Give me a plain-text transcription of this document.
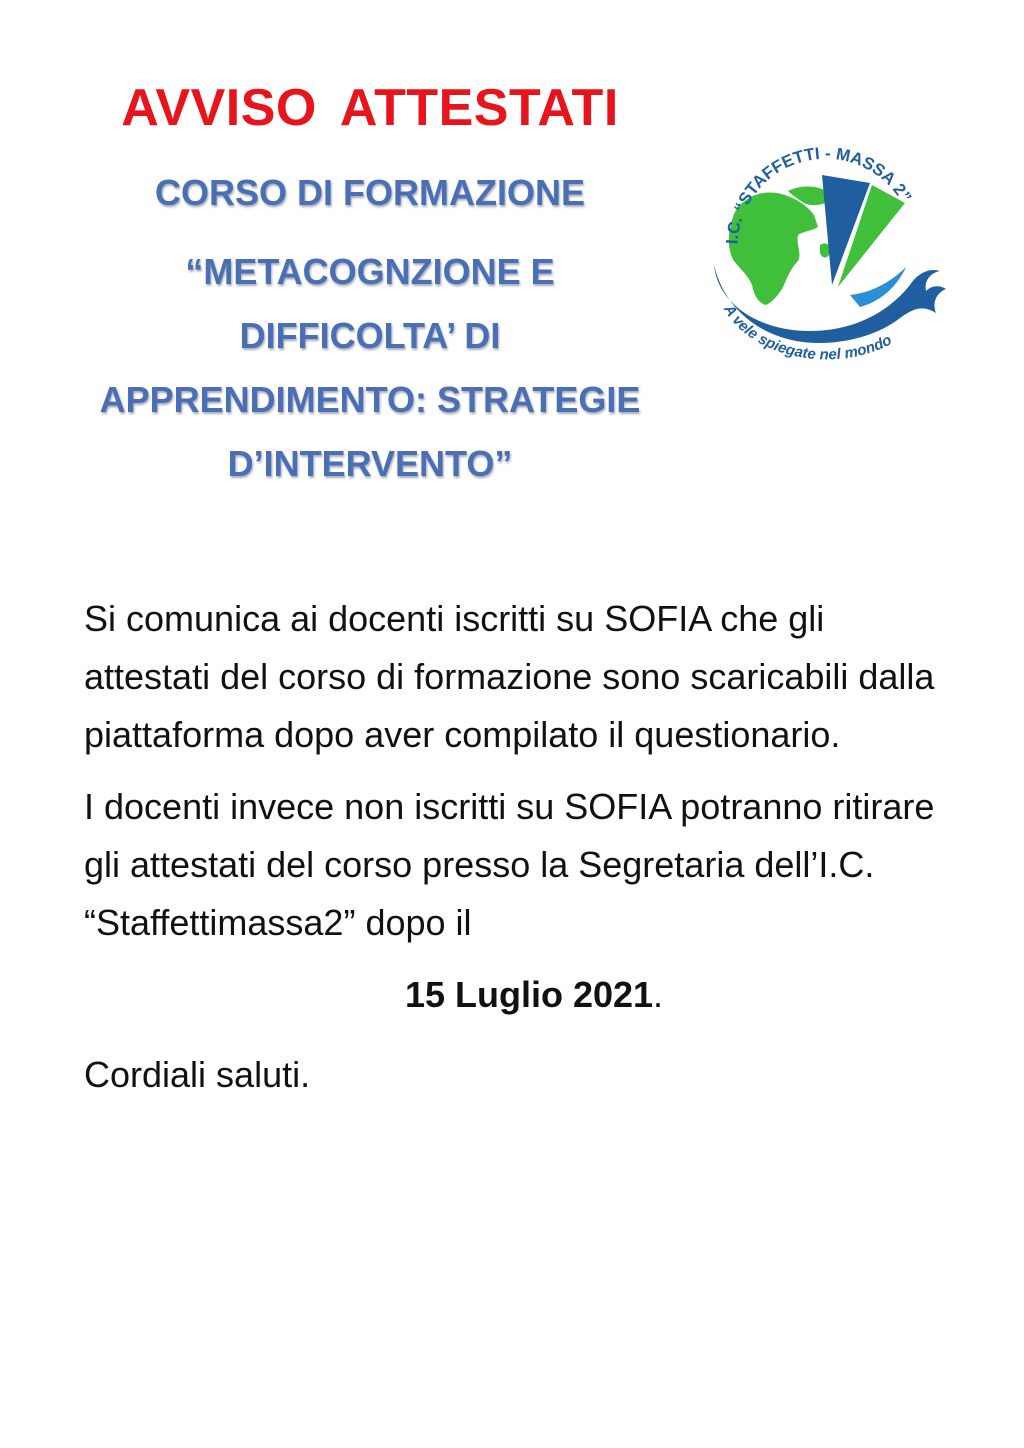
AVVISO ATTESTATI
CORSO DI FORMAZIONE
“METACOGNZIONE E
DIFFICOLTA’ DI
APPRENDIMENTO: STRATEGIE
D’INTERVENTO”
I.C. “STAFFETTI - MASSA 2”
A vele spiegate nel mondo

Si comunica ai docenti iscritti su SOFIA che gli attestati del corso di formazione sono scaricabili dalla piattaforma dopo aver compilato il questionario.

I docenti invece non iscritti su SOFIA potranno ritirare gli attestati del corso presso la Segretaria dell’I.C. “Staffettimassa2” dopo il

15 Luglio 2021.

Cordiali saluti.
